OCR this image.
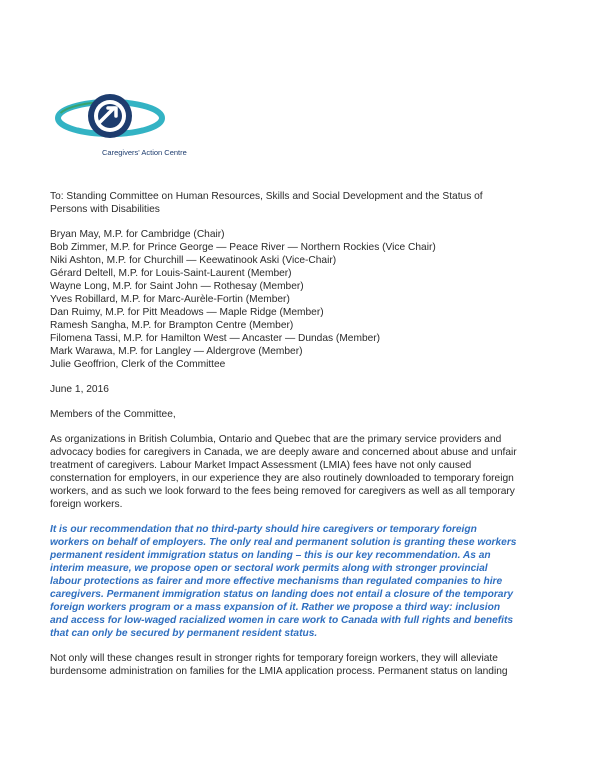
Caregivers' Action Centre
To: Standing Committee on Human Resources, Skills and Social Development and the Status of
Persons with Disabilities
Bryan May, M.P. for Cambridge (Chair)
Bob Zimmer, M.P. for Prince George — Peace River — Northern Rockies (Vice Chair)
Niki Ashton, M.P. for Churchill — Keewatinook Aski (Vice-Chair)
Gérard Deltell, M.P. for Louis-Saint-Laurent (Member)
Wayne Long, M.P. for Saint John — Rothesay (Member)
Yves Robillard, M.P. for Marc-Aurèle-Fortin (Member)
Dan Ruimy, M.P. for Pitt Meadows — Maple Ridge (Member)
Ramesh Sangha, M.P. for Brampton Centre (Member)
Filomena Tassi, M.P. for Hamilton West — Ancaster — Dundas (Member)
Mark Warawa, M.P. for Langley — Aldergrove (Member)
Julie Geoffrion, Clerk of the Committee
June 1, 2016
Members of the Committee,
As organizations in British Columbia, Ontario and Quebec that are the primary service providers and
advocacy bodies for caregivers in Canada, we are deeply aware and concerned about abuse and unfair
treatment of caregivers. Labour Market Impact Assessment (LMIA) fees have not only caused
consternation for employers, in our experience they are also routinely downloaded to temporary foreign
workers, and as such we look forward to the fees being removed for caregivers as well as all temporary
foreign workers.
It is our recommendation that no third-party should hire caregivers or temporary foreign
workers on behalf of employers. The only real and permanent solution is granting these workers
permanent resident immigration status on landing – this is our key recommendation. As an
interim measure, we propose open or sectoral work permits along with stronger provincial
labour protections as fairer and more effective mechanisms than regulated companies to hire
caregivers. Permanent immigration status on landing does not entail a closure of the temporary
foreign workers program or a mass expansion of it. Rather we propose a third way: inclusion
and access for low-waged racialized women in care work to Canada with full rights and benefits
that can only be secured by permanent resident status.
Not only will these changes result in stronger rights for temporary foreign workers, they will alleviate
burdensome administration on families for the LMIA application process. Permanent status on landing
